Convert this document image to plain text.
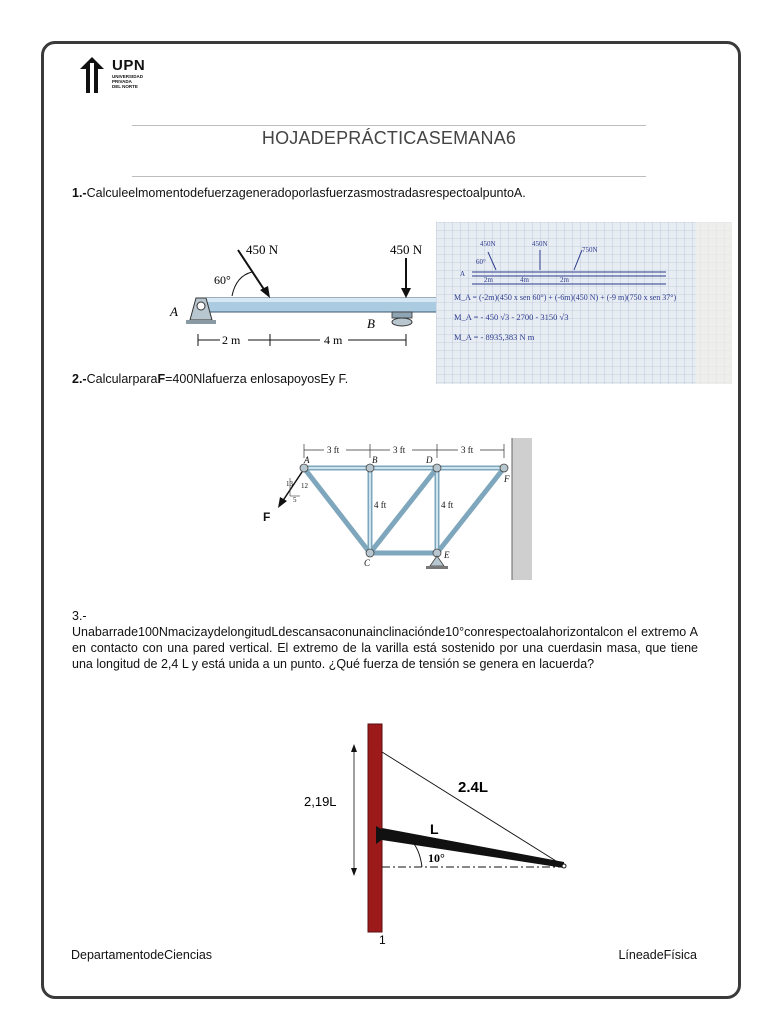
UPN
UNIVERSIDAD
PRIVADA
DEL NORTE
HOJADEPRÁCTICASEMANA6
1.-CalculeelmomentodefuerzageneradoporlasfuerzasmostradasrespectoalpuntoA.
450 N	450 N
60°
A
B
2 m	4 m
450N	450N
750N
60°
A
2m	4m	2m
M_A = (-2m)(450 x sen 60°) + (-6m)(450 N) + (-9 m)(750 x sen 37°)
M_A = - 450 √3 - 2700 - 3150 √3
M_A = - 8935,383 N m
2.-CalcularparaF=400Nlafuerza enlosapoyosEy F.
3 ft	3 ft	3 ft
A	B
C
D
E
F
4 ft	4 ft
13 12
5
F
3.-
Unabarrade100NmacizaydelongitudLdescansaconunainclinaciónde10°conrespectoalahorizontalcon el extremo A en contacto con una pared vertical. El extremo de la varilla está sostenido por una cuerdasin masa, que tiene una longitud de 2,4 L y está unida a un punto. ¿Qué fuerza de tensión se genera en lacuerda?
2,19L
2.4L
L
10°
1
DepartamentodeCiencias	LíneadeFísica
